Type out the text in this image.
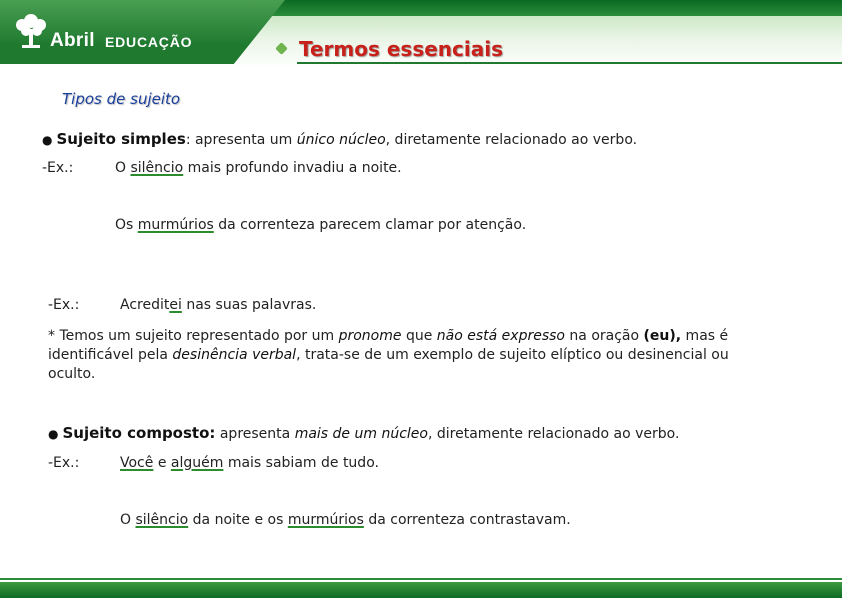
Abril EDUCAÇÃO	Termos essenciais
Tipos de sujeito
● Sujeito simples: apresenta um único núcleo, diretamente relacionado ao verbo.
-Ex.:	O silêncio mais profundo invadiu a noite.
Os murmúrios da correnteza parecem clamar por atenção.
-Ex.:	Acreditei nas suas palavras.
* Temos um sujeito representado por um pronome que não está expresso na oração (eu), mas é identificável pela desinência verbal, trata-se de um exemplo de sujeito elíptico ou desinencial ou oculto.
● Sujeito composto: apresenta mais de um núcleo, diretamente relacionado ao verbo.
-Ex.:	Você e alguém mais sabiam de tudo.
O silêncio da noite e os murmúrios da correnteza contrastavam.
